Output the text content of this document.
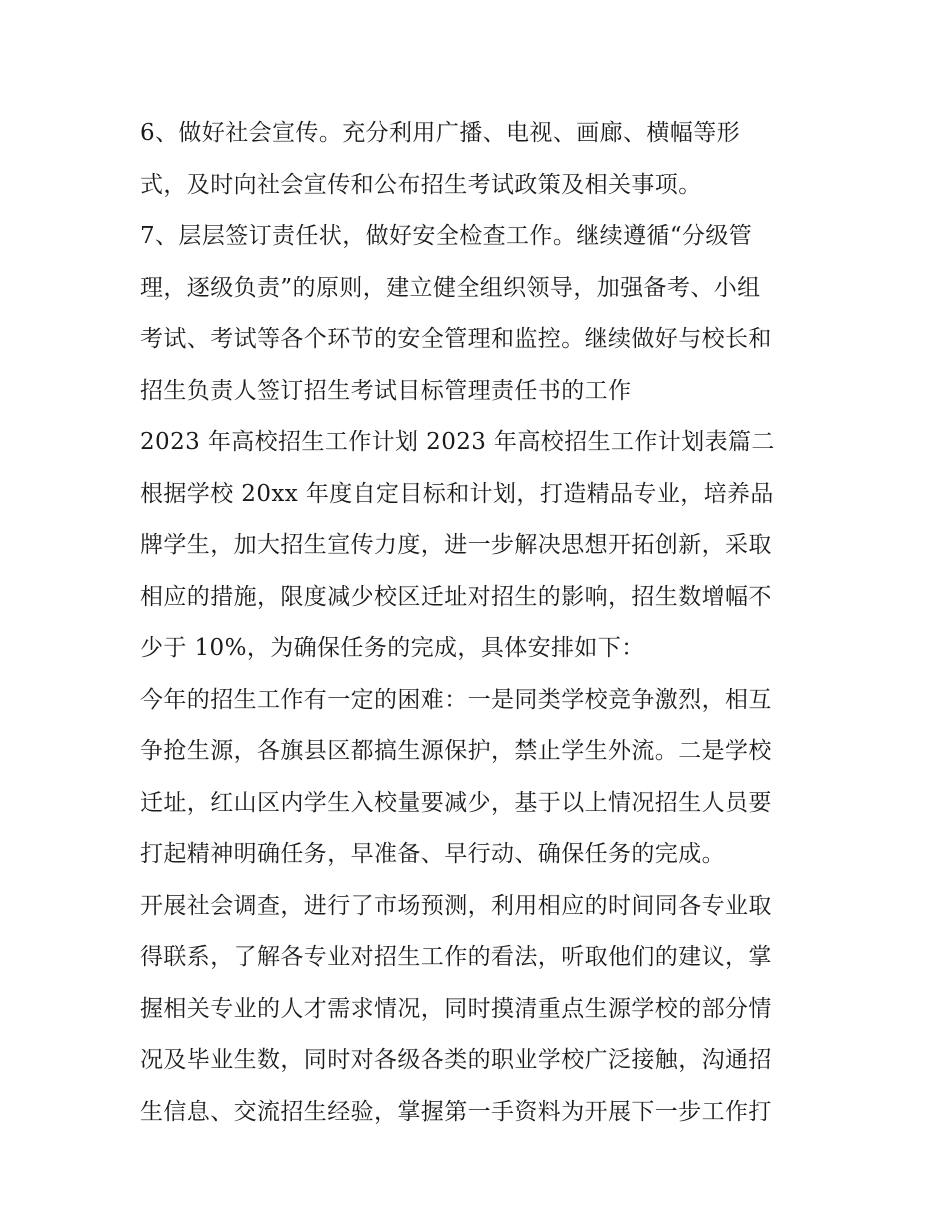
6、做好社会宣传。充分利用广播、电视、画廊、横幅等形
式，及时向社会宣传和公布招生考试政策及相关事项。
7、层层签订责任状，做好安全检查工作。继续遵循“分级管
理，逐级负责”的原则，建立健全组织领导，加强备考、小组
考试、考试等各个环节的安全管理和监控。继续做好与校长和
招生负责人签订招生考试目标管理责任书的工作
2023 年高校招生工作计划 2023 年高校招生工作计划表篇二
根据学校 20xx 年度自定目标和计划，打造精品专业，培养品
牌学生，加大招生宣传力度，进一步解决思想开拓创新，采取
相应的措施，限度减少校区迁址对招生的影响，招生数增幅不
少于 10%，为确保任务的完成，具体安排如下：
今年的招生工作有一定的困难：一是同类学校竞争激烈，相互
争抢生源，各旗县区都搞生源保护，禁止学生外流。二是学校
迁址，红山区内学生入校量要减少，基于以上情况招生人员要
打起精神明确任务，早准备、早行动、确保任务的完成。
开展社会调查，进行了市场预测，利用相应的时间同各专业取
得联系，了解各专业对招生工作的看法，听取他们的建议，掌
握相关专业的人才需求情况，同时摸清重点生源学校的部分情
况及毕业生数，同时对各级各类的职业学校广泛接触，沟通招
生信息、交流招生经验，掌握第一手资料为开展下一步工作打
